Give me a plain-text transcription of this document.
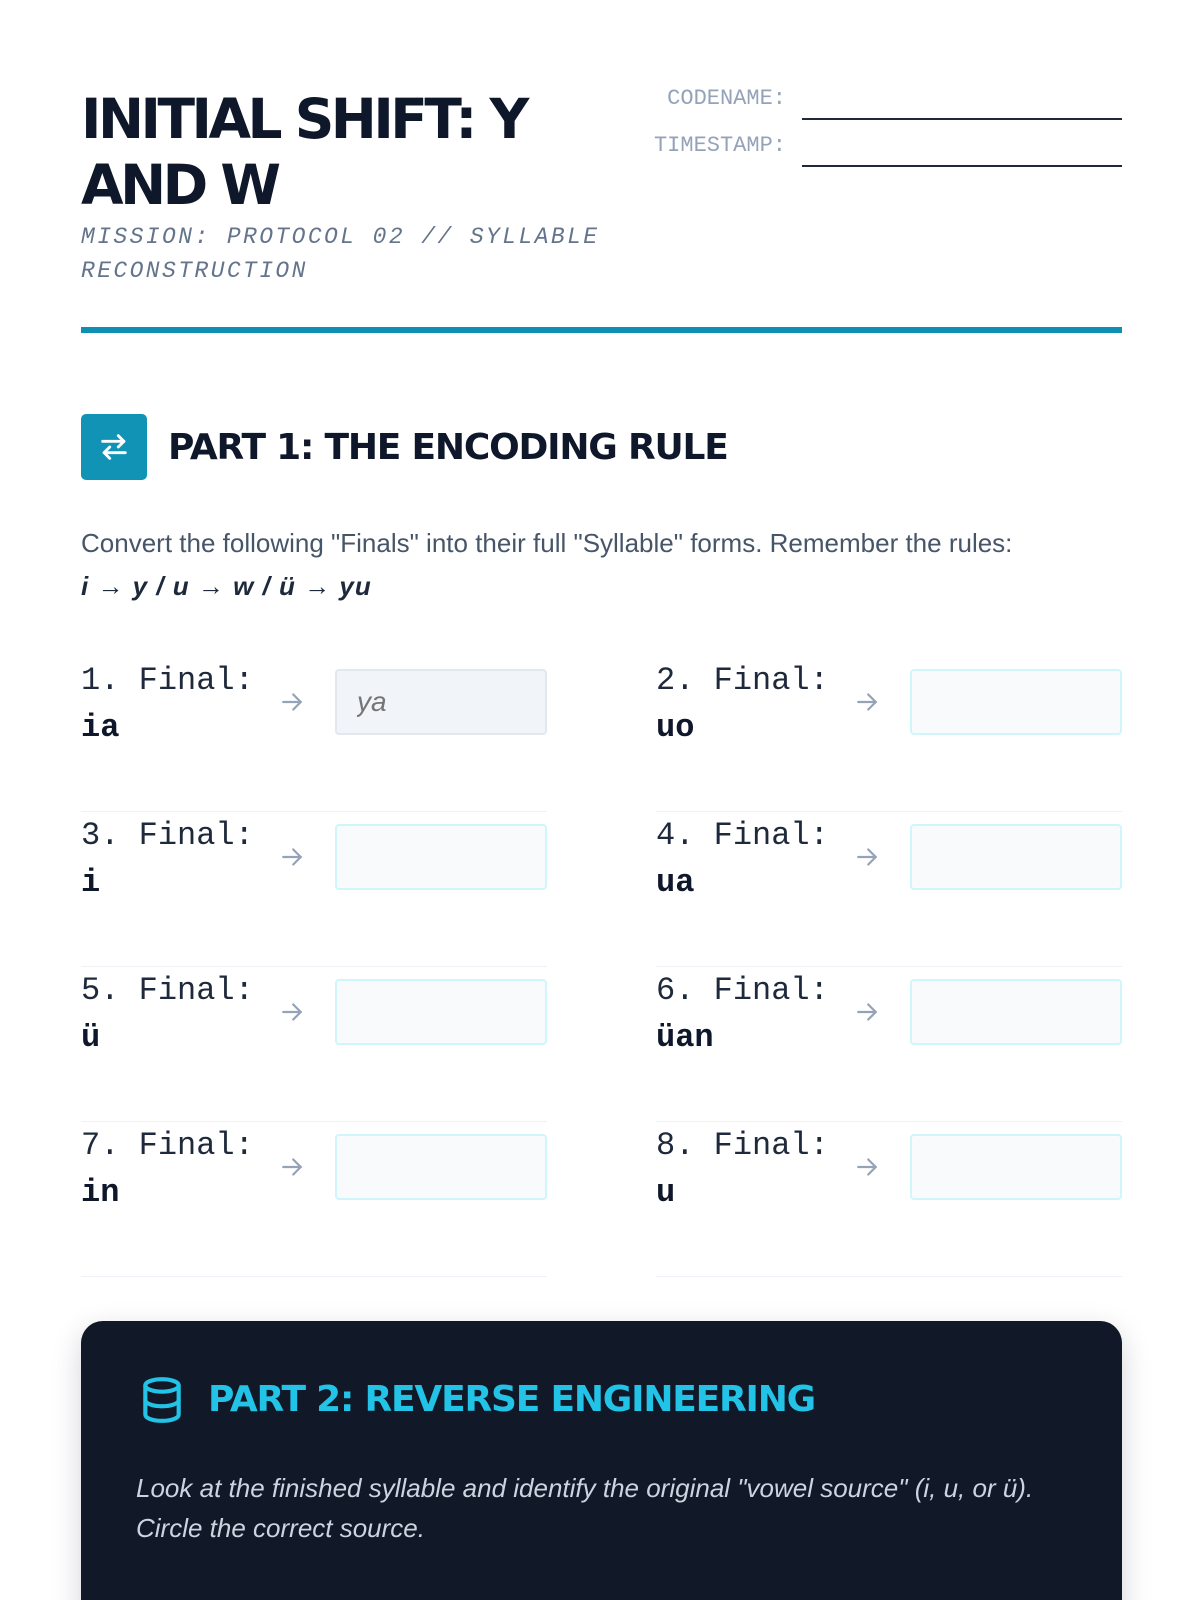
INITIAL SHIFT: Y AND W
MISSION: PROTOCOL 02 // SYLLABLE RECONSTRUCTION
CODENAME:
TIMESTAMP:
PART 1: THE ENCODING RULE

Convert the following "Finals" into their full "Syllable" forms. Remember the rules:
i → y / u → w / ü → yu

1. Final:
ia
ya
2. Final:
uo
3. Final:
i
4. Final:
ua
5. Final:
ü
6. Final:
üan
7. Final:
in
8. Final:
u
PART 2: REVERSE ENGINEERING

Look at the finished syllable and identify the original "vowel source" (i, u, or ü). Circle the correct source.
